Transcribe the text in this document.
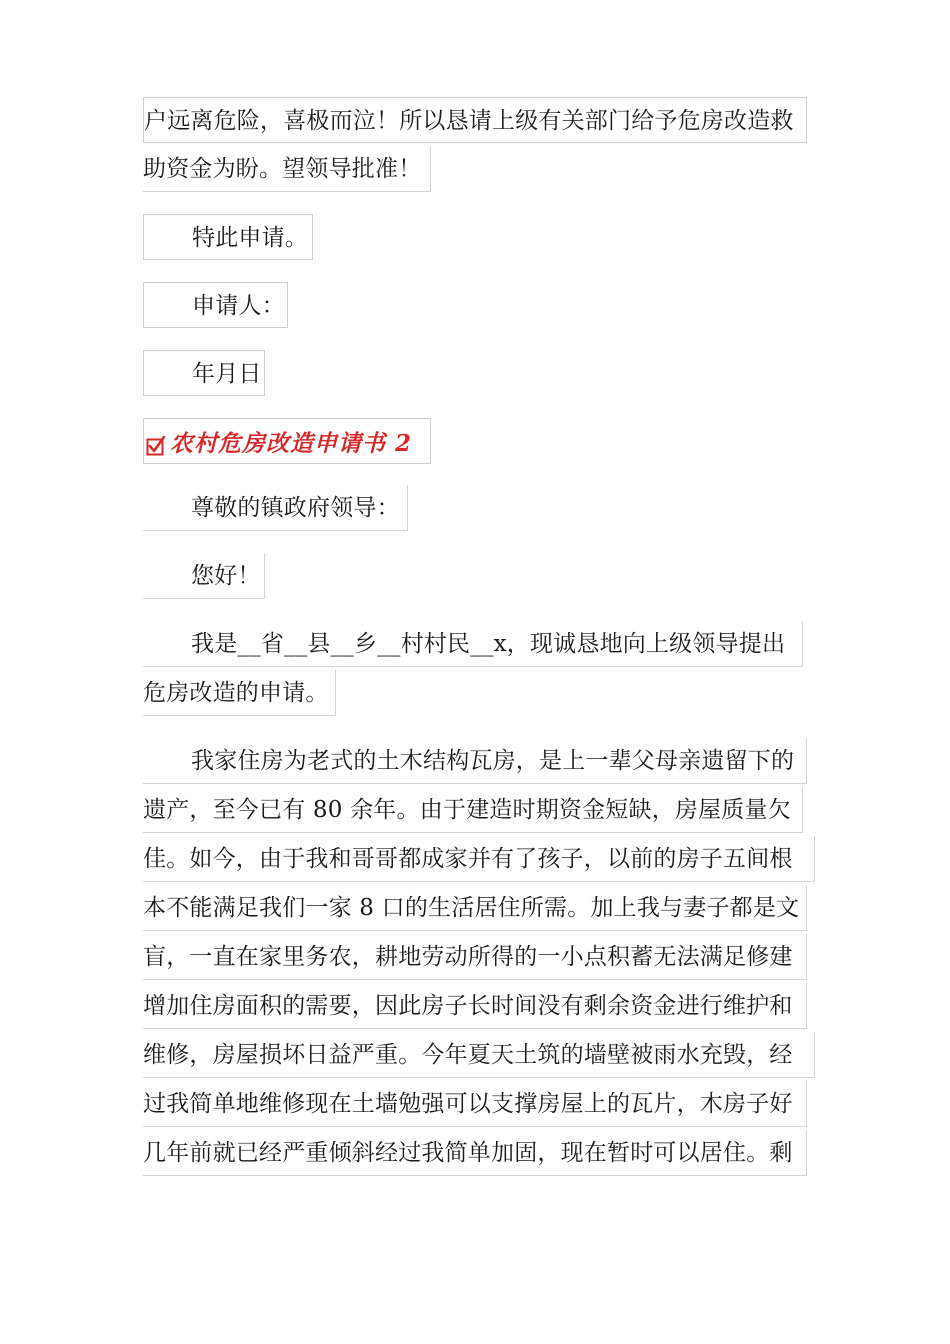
户远离危险，喜极而泣！所以恳请上级有关部门给予危房改造救
助资金为盼。望领导批准！
特此申请。
申请人：
年月日
农村危房改造申请书 2
尊敬的镇政府领导：
您好！
我是__省__县__乡__村村民__x，现诚恳地向上级领导提出
危房改造的申请。
我家住房为老式的土木结构瓦房，是上一辈父母亲遗留下的
遗产，至今已有 80 余年。由于建造时期资金短缺，房屋质量欠
佳。如今，由于我和哥哥都成家并有了孩子，以前的房子五间根
本不能满足我们一家 8 口的生活居住所需。加上我与妻子都是文
盲，一直在家里务农，耕地劳动所得的一小点积蓄无法满足修建
增加住房面积的需要，因此房子长时间没有剩余资金进行维护和
维修，房屋损坏日益严重。今年夏天土筑的墙壁被雨水充毁，经
过我简单地维修现在土墙勉强可以支撑房屋上的瓦片，木房子好
几年前就已经严重倾斜经过我简单加固，现在暂时可以居住。剩
